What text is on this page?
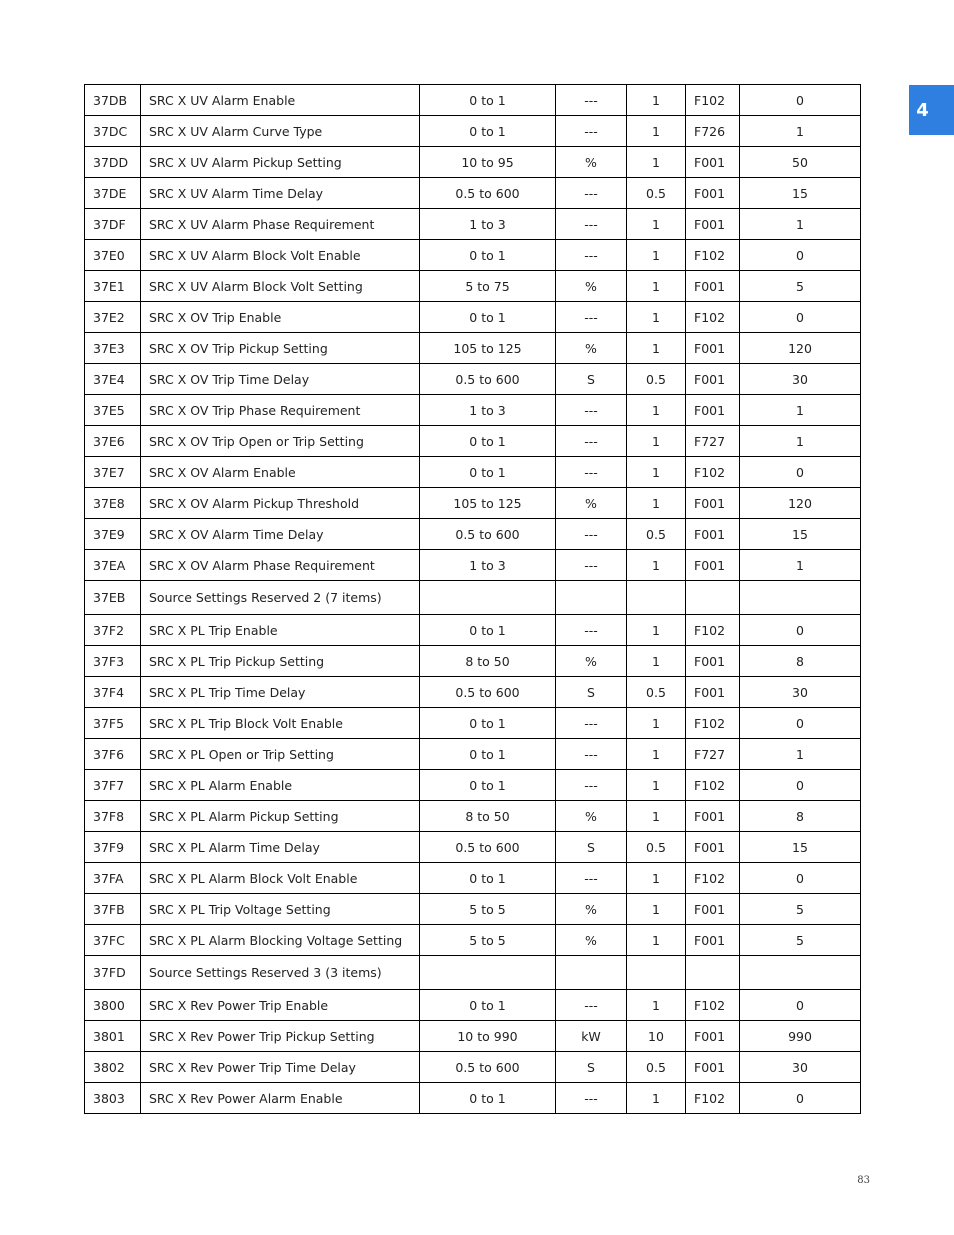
37DB	SRC X UV Alarm Enable	0 to 1	---	1	F102	0
37DC	SRC X UV Alarm Curve Type	0 to 1	---	1	F726	1
37DD	SRC X UV Alarm Pickup Setting	10 to 95	%	1	F001	50
37DE	SRC X UV Alarm Time Delay	0.5 to 600	---	0.5	F001	15
37DF	SRC X UV Alarm Phase Requirement	1 to 3	---	1	F001	1
37E0	SRC X UV Alarm Block Volt Enable	0 to 1	---	1	F102	0
37E1	SRC X UV Alarm Block Volt Setting	5 to 75	%	1	F001	5
37E2	SRC X OV Trip Enable	0 to 1	---	1	F102	0
37E3	SRC X OV Trip Pickup Setting	105 to 125	%	1	F001	120
37E4	SRC X OV Trip Time Delay	0.5 to 600	S	0.5	F001	30
37E5	SRC X OV Trip Phase Requirement	1 to 3	---	1	F001	1
37E6	SRC X OV Trip Open or Trip Setting	0 to 1	---	1	F727	1
37E7	SRC X OV Alarm Enable	0 to 1	---	1	F102	0
37E8	SRC X OV Alarm Pickup Threshold	105 to 125	%	1	F001	120
37E9	SRC X OV Alarm Time Delay	0.5 to 600	---	0.5	F001	15
37EA	SRC X OV Alarm Phase Requirement	1 to 3	---	1	F001	1
37EB	Source Settings Reserved 2 (7 items)					
37F2	SRC X PL Trip Enable	0 to 1	---	1	F102	0
37F3	SRC X PL Trip Pickup Setting	8 to 50	%	1	F001	8
37F4	SRC X PL Trip Time Delay	0.5 to 600	S	0.5	F001	30
37F5	SRC X PL Trip Block Volt Enable	0 to 1	---	1	F102	0
37F6	SRC X PL Open or Trip Setting	0 to 1	---	1	F727	1
37F7	SRC X PL Alarm Enable	0 to 1	---	1	F102	0
37F8	SRC X PL Alarm Pickup Setting	8 to 50	%	1	F001	8
37F9	SRC X PL Alarm Time Delay	0.5 to 600	S	0.5	F001	15
37FA	SRC X PL Alarm Block Volt Enable	0 to 1	---	1	F102	0
37FB	SRC X PL Trip Voltage Setting	5 to 5	%	1	F001	5
37FC	SRC X PL Alarm Blocking Voltage Setting	5 to 5	%	1	F001	5
37FD	Source Settings Reserved 3 (3 items)					
3800	SRC X Rev Power Trip Enable	0 to 1	---	1	F102	0
3801	SRC X Rev Power Trip Pickup Setting	10 to 990	kW	10	F001	990
3802	SRC X Rev Power Trip Time Delay	0.5 to 600	S	0.5	F001	30
3803	SRC X Rev Power Alarm Enable	0 to 1	---	1	F102	0
4
83
